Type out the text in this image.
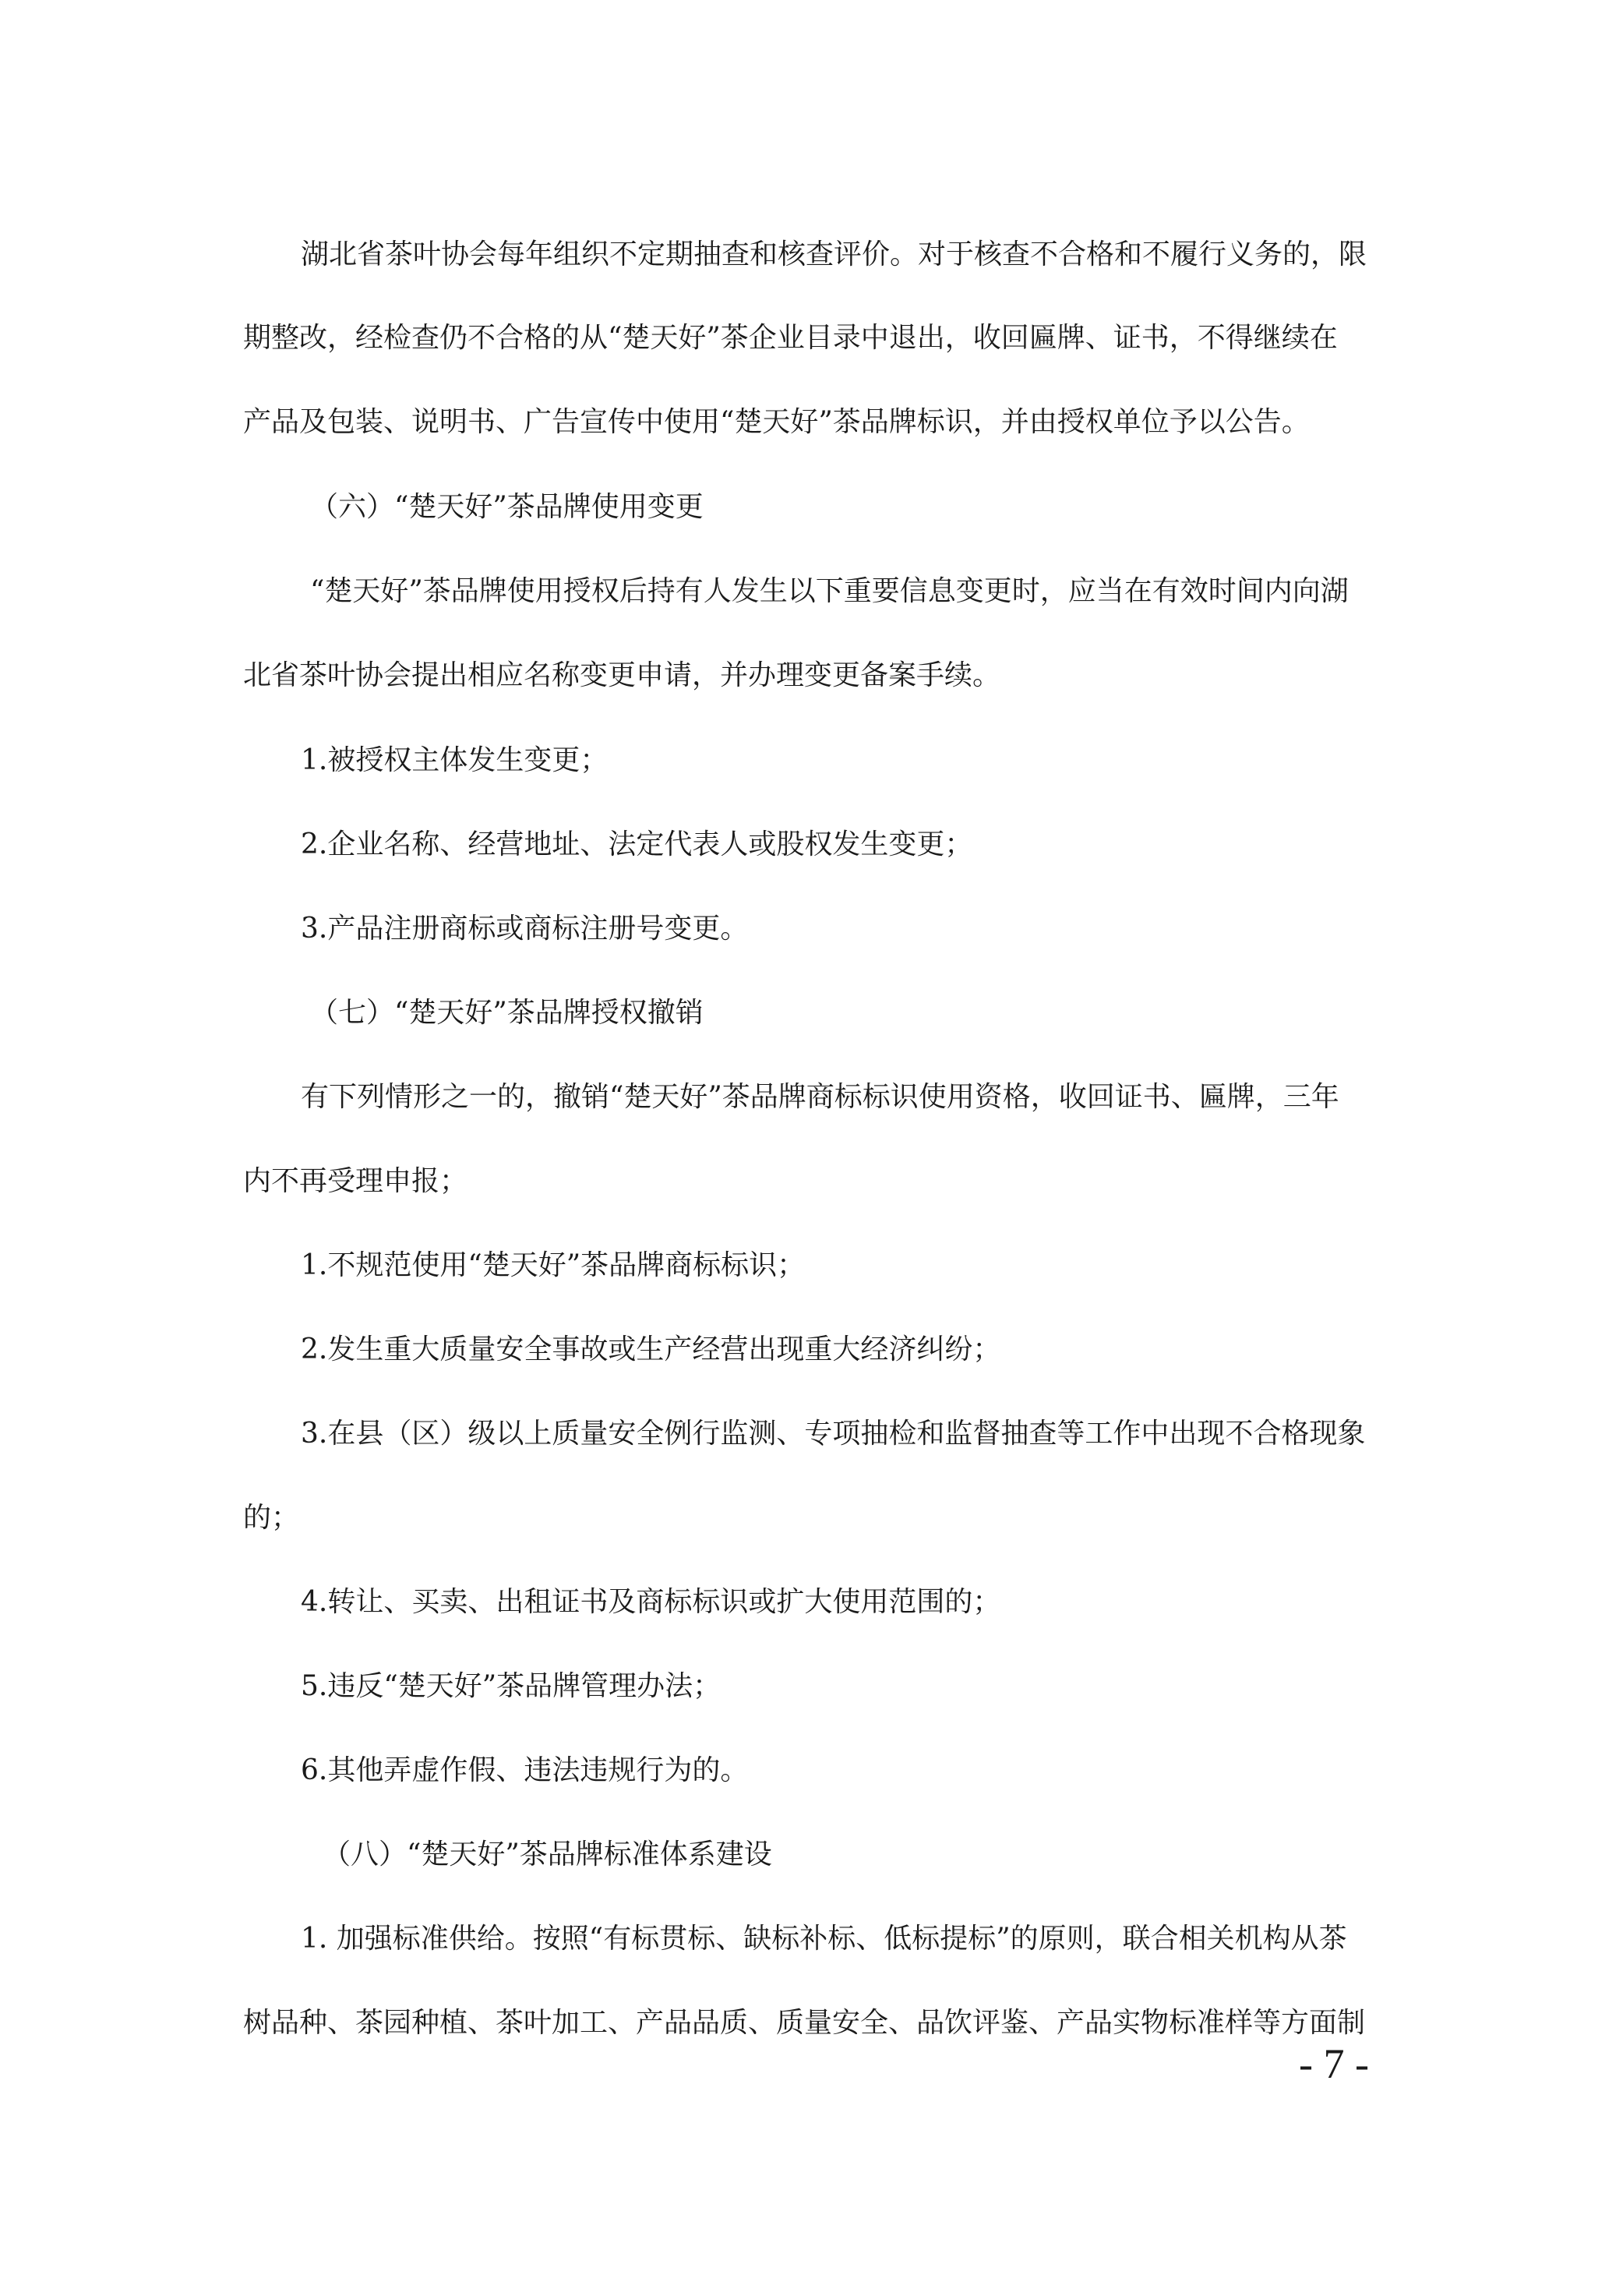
湖北省茶叶协会每年组织不定期抽查和核查评价。对于核查不合格和不履行义务的，限
期整改，经检查仍不合格的从“楚天好”茶企业目录中退出，收回匾牌、证书，不得继续在
产品及包装、说明书、广告宣传中使用“楚天好”茶品牌标识，并由授权单位予以公告。
（六）“楚天好”茶品牌使用变更
“楚天好”茶品牌使用授权后持有人发生以下重要信息变更时，应当在有效时间内向湖
北省茶叶协会提出相应名称变更申请，并办理变更备案手续。
1.被授权主体发生变更；
2.企业名称、经营地址、法定代表人或股权发生变更；
3.产品注册商标或商标注册号变更。
（七）“楚天好”茶品牌授权撤销
有下列情形之一的，撤销“楚天好”茶品牌商标标识使用资格，收回证书、匾牌，三年
内不再受理申报；
1.不规范使用“楚天好”茶品牌商标标识；
2.发生重大质量安全事故或生产经营出现重大经济纠纷；
3.在县（区）级以上质量安全例行监测、专项抽检和监督抽查等工作中出现不合格现象
的；
4.转让、买卖、出租证书及商标标识或扩大使用范围的；
5.违反“楚天好”茶品牌管理办法；
6.其他弄虚作假、违法违规行为的。
（八）“楚天好”茶品牌标准体系建设
1. 加强标准供给。按照“有标贯标、缺标补标、低标提标”的原则，联合相关机构从茶
树品种、茶园种植、茶叶加工、产品品质、质量安全、品饮评鉴、产品实物标准样等方面制
- 7 -
